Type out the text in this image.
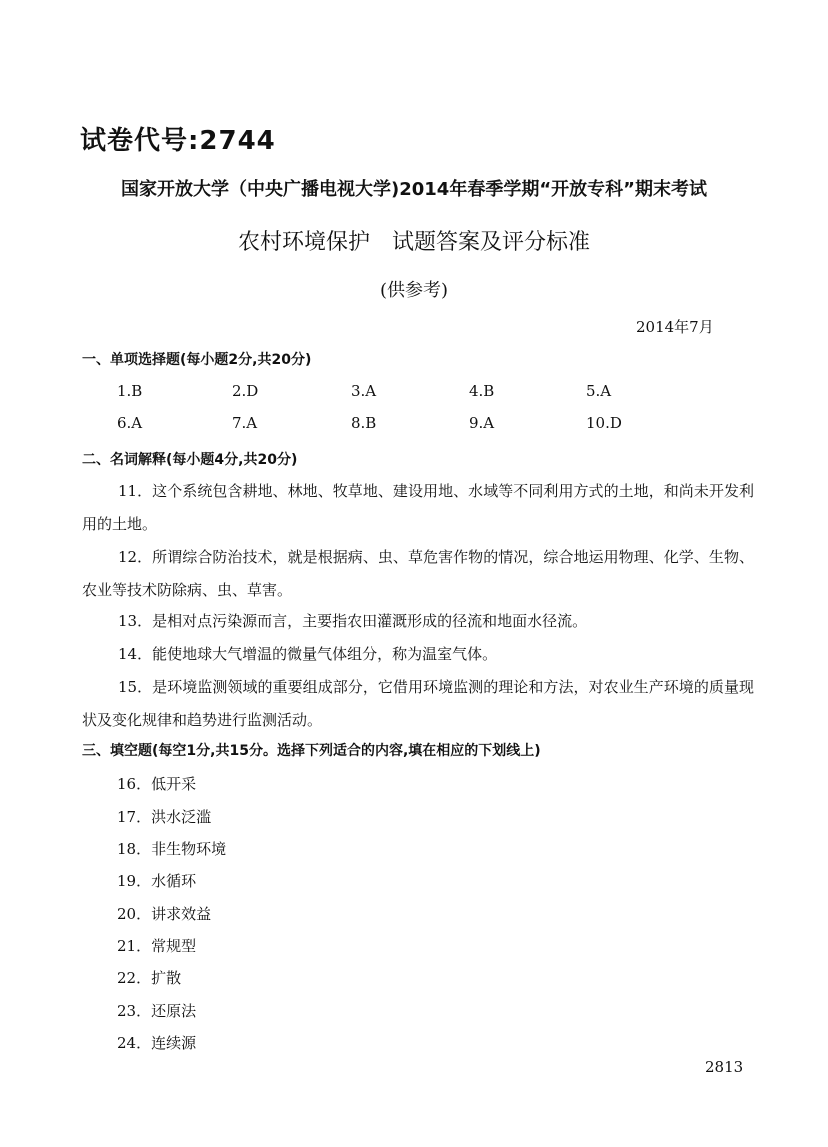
试卷代号:2744
国家开放大学（中央广播电视大学)2014年春季学期“开放专科”期末考试
农村环境保护　试题答案及评分标准
(供参考)
2014年7月
一、单项选择题(每小题2分,共20分)
1.B	2.D	3.A	4.B	5.A
6.A	7.A	8.B	9.A	10.D
二、名词解释(每小题4分,共20分)
11．这个系统包含耕地、林地、牧草地、建设用地、水域等不同利用方式的土地，和尚未开发利用的土地。
12．所谓综合防治技术，就是根据病、虫、草危害作物的情况，综合地运用物理、化学、生物、农业等技术防除病、虫、草害。
13．是相对点污染源而言，主要指农田灌溉形成的径流和地面水径流。
14．能使地球大气增温的微量气体组分，称为温室气体。
15．是环境监测领域的重要组成部分，它借用环境监测的理论和方法，对农业生产环境的质量现状及变化规律和趋势进行监测活动。
三、填空题(每空1分,共15分。选择下列适合的内容,填在相应的下划线上)
16．低开采
17．洪水泛滥
18．非生物环境
19．水循环
20．讲求效益
21．常规型
22．扩散
23．还原法
24．连续源
2813
